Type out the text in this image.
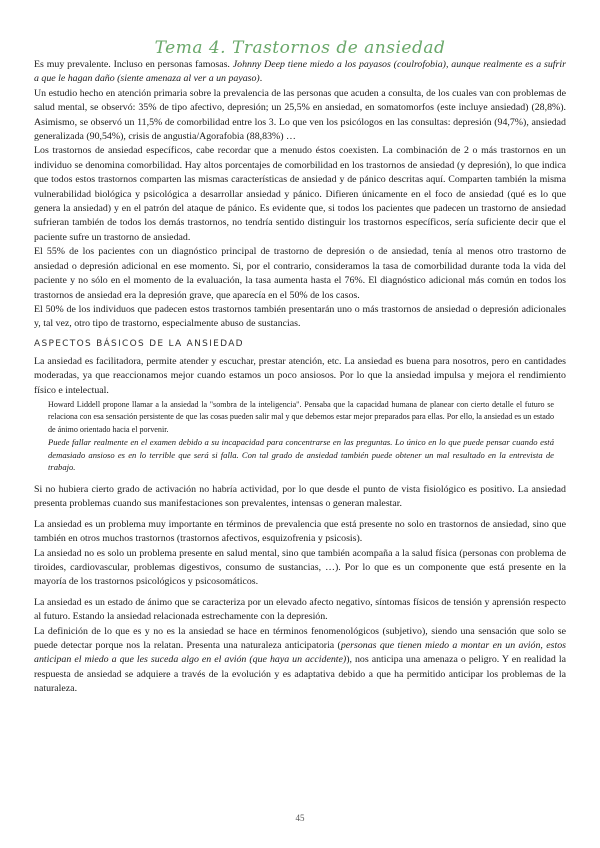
Tema 4. Trastornos de ansiedad

Es muy prevalente. Incluso en personas famosas. Johnny Deep tiene miedo a los payasos (coulrofobia), aunque realmente es a sufrir a que le hagan daño (siente amenaza al ver a un payaso).

Un estudio hecho en atención primaria sobre la prevalencia de las personas que acuden a consulta, de los cuales van con problemas de salud mental, se observó: 35% de tipo afectivo, depresión; un 25,5% en ansiedad, en somatomorfos (este incluye ansiedad) (28,8%). Asimismo, se observó un 11,5% de comorbilidad entre los 3. Lo que ven los psicólogos en las consultas: depresión (94,7%), ansiedad generalizada (90,54%), crisis de angustia/Agorafobia (88,83%) …

Los trastornos de ansiedad específicos, cabe recordar que a menudo éstos coexisten. La combinación de 2 o más trastornos en un individuo se denomina comorbilidad. Hay altos porcentajes de comorbilidad en los trastornos de ansiedad (y depresión), lo que indica que todos estos trastornos comparten las mismas características de ansiedad y de pánico descritas aquí. Comparten también la misma vulnerabilidad biológica y psicológica a desarrollar ansiedad y pánico. Difieren únicamente en el foco de ansiedad (qué es lo que genera la ansiedad) y en el patrón del ataque de pánico. Es evidente que, si todos los pacientes que padecen un trastorno de ansiedad sufrieran también de todos los demás trastornos, no tendría sentido distinguir los trastornos específicos, sería suficiente decir que el paciente sufre un trastorno de ansiedad.

El 55% de los pacientes con un diagnóstico principal de trastorno de depresión o de ansiedad, tenía al menos otro trastorno de ansiedad o depresión adicional en ese momento. Si, por el contrario, consideramos la tasa de comorbilidad durante toda la vida del paciente y no sólo en el momento de la evaluación, la tasa aumenta hasta el 76%. El diagnóstico adicional más común en todos los trastornos de ansiedad era la depresión grave, que aparecía en el 50% de los casos.

El 50% de los individuos que padecen estos trastornos también presentarán uno o más trastornos de ansiedad o depresión adicionales y, tal vez, otro tipo de trastorno, especialmente abuso de sustancias.

ASPECTOS BÁSICOS DE LA ANSIEDAD

La ansiedad es facilitadora, permite atender y escuchar, prestar atención, etc. La ansiedad es buena para nosotros, pero en cantidades moderadas, ya que reaccionamos mejor cuando estamos un poco ansiosos. Por lo que la ansiedad impulsa y mejora el rendimiento físico e intelectual.

Howard Liddell propone llamar a la ansiedad la "sombra de la inteligencia". Pensaba que la capacidad humana de planear con cierto detalle el futuro se relaciona con esa sensación persistente de que las cosas pueden salir mal y que debemos estar mejor preparados para ellas. Por ello, la ansiedad es un estado de ánimo orientado hacia el porvenir.

Puede fallar realmente en el examen debido a su incapacidad para concentrarse en las preguntas. Lo único en lo que puede pensar cuando está demasiado ansioso es en lo terrible que será si falla. Con tal grado de ansiedad también puede obtener un mal resultado en la entrevista de trabajo.

Si no hubiera cierto grado de activación no habría actividad, por lo que desde el punto de vista fisiológico es positivo. La ansiedad presenta problemas cuando sus manifestaciones son prevalentes, intensas o generan malestar.

La ansiedad es un problema muy importante en términos de prevalencia que está presente no solo en trastornos de ansiedad, sino que también en otros muchos trastornos (trastornos afectivos, esquizofrenia y psicosis).

La ansiedad no es solo un problema presente en salud mental, sino que también acompaña a la salud física (personas con problema de tiroides, cardiovascular, problemas digestivos, consumo de sustancias, …). Por lo que es un componente que está presente en la mayoría de los trastornos psicológicos y psicosomáticos.

La ansiedad es un estado de ánimo que se caracteriza por un elevado afecto negativo, síntomas físicos de tensión y aprensión respecto al futuro. Estando la ansiedad relacionada estrechamente con la depresión.

La definición de lo que es y no es la ansiedad se hace en términos fenomenológicos (subjetivo), siendo una sensación que solo se puede detectar porque nos la relatan. Presenta una naturaleza anticipatoria (personas que tienen miedo a montar en un avión, estos anticipan el miedo a que les suceda algo en el avión (que haya un accidente)), nos anticipa una amenaza o peligro. Y en realidad la respuesta de ansiedad se adquiere a través de la evolución y es adaptativa debido a que ha permitido anticipar los problemas de la naturaleza.

45
